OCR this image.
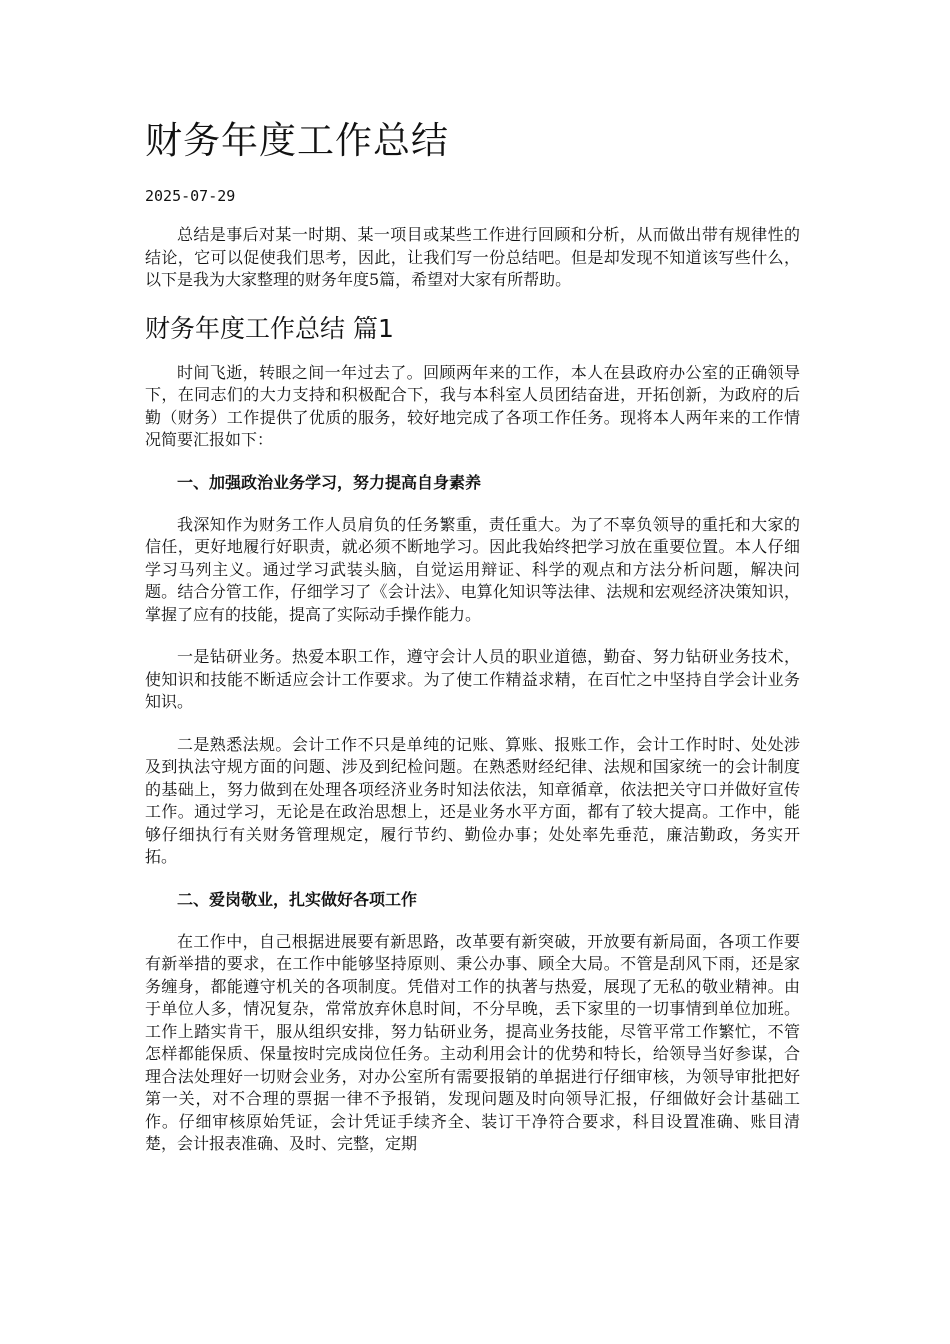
财务年度工作总结
2025-07-29

总结是事后对某一时期、某一项目或某些工作进行回顾和分析，从而做出带有规律性的结论，它可以促使我们思考，因此，让我们写一份总结吧。但是却发现不知道该写些什么，以下是我为大家整理的财务年度5篇，希望对大家有所帮助。

财务年度工作总结 篇1

时间飞逝，转眼之间一年过去了。回顾两年来的工作，本人在县政府办公室的正确领导下，在同志们的大力支持和积极配合下，我与本科室人员团结奋进，开拓创新，为政府的后勤（财务）工作提供了优质的服务，较好地完成了各项工作任务。现将本人两年来的工作情况简要汇报如下：

一、加强政治业务学习，努力提高自身素养

我深知作为财务工作人员肩负的任务繁重，责任重大。为了不辜负领导的重托和大家的信任，更好地履行好职责，就必须不断地学习。因此我始终把学习放在重要位置。本人仔细学习马列主义。通过学习武装头脑，自觉运用辩证、科学的观点和方法分析问题，解决问题。结合分管工作，仔细学习了《会计法》、电算化知识等法律、法规和宏观经济决策知识，掌握了应有的技能，提高了实际动手操作能力。

一是钻研业务。热爱本职工作，遵守会计人员的职业道德，勤奋、努力钻研业务技术，使知识和技能不断适应会计工作要求。为了使工作精益求精，在百忙之中坚持自学会计业务知识。

二是熟悉法规。会计工作不只是单纯的记账、算账、报账工作，会计工作时时、处处涉及到执法守规方面的问题、涉及到纪检问题。在熟悉财经纪律、法规和国家统一的会计制度的基础上，努力做到在处理各项经济业务时知法依法，知章循章，依法把关守口并做好宣传工作。通过学习，无论是在政治思想上，还是业务水平方面，都有了较大提高。工作中，能够仔细执行有关财务管理规定，履行节约、勤俭办事；处处率先垂范，廉洁勤政，务实开拓。

二、爱岗敬业，扎实做好各项工作

在工作中，自己根据进展要有新思路，改革要有新突破，开放要有新局面，各项工作要有新举措的要求，在工作中能够坚持原则、秉公办事、顾全大局。不管是刮风下雨，还是家务缠身，都能遵守机关的各项制度。凭借对工作的执著与热爱，展现了无私的敬业精神。由于单位人多，情况复杂，常常放弃休息时间，不分早晚，丢下家里的一切事情到单位加班。工作上踏实肯干，服从组织安排，努力钻研业务，提高业务技能，尽管平常工作繁忙，不管怎样都能保质、保量按时完成岗位任务。主动利用会计的优势和特长，给领导当好参谋，合理合法处理好一切财会业务，对办公室所有需要报销的单据进行仔细审核，为领导审批把好第一关，对不合理的票据一律不予报销，发现问题及时向领导汇报，仔细做好会计基础工作。仔细审核原始凭证，会计凭证手续齐全、装订干净符合要求，科目设置准确、账目清楚，会计报表准确、及时、完整，定期
